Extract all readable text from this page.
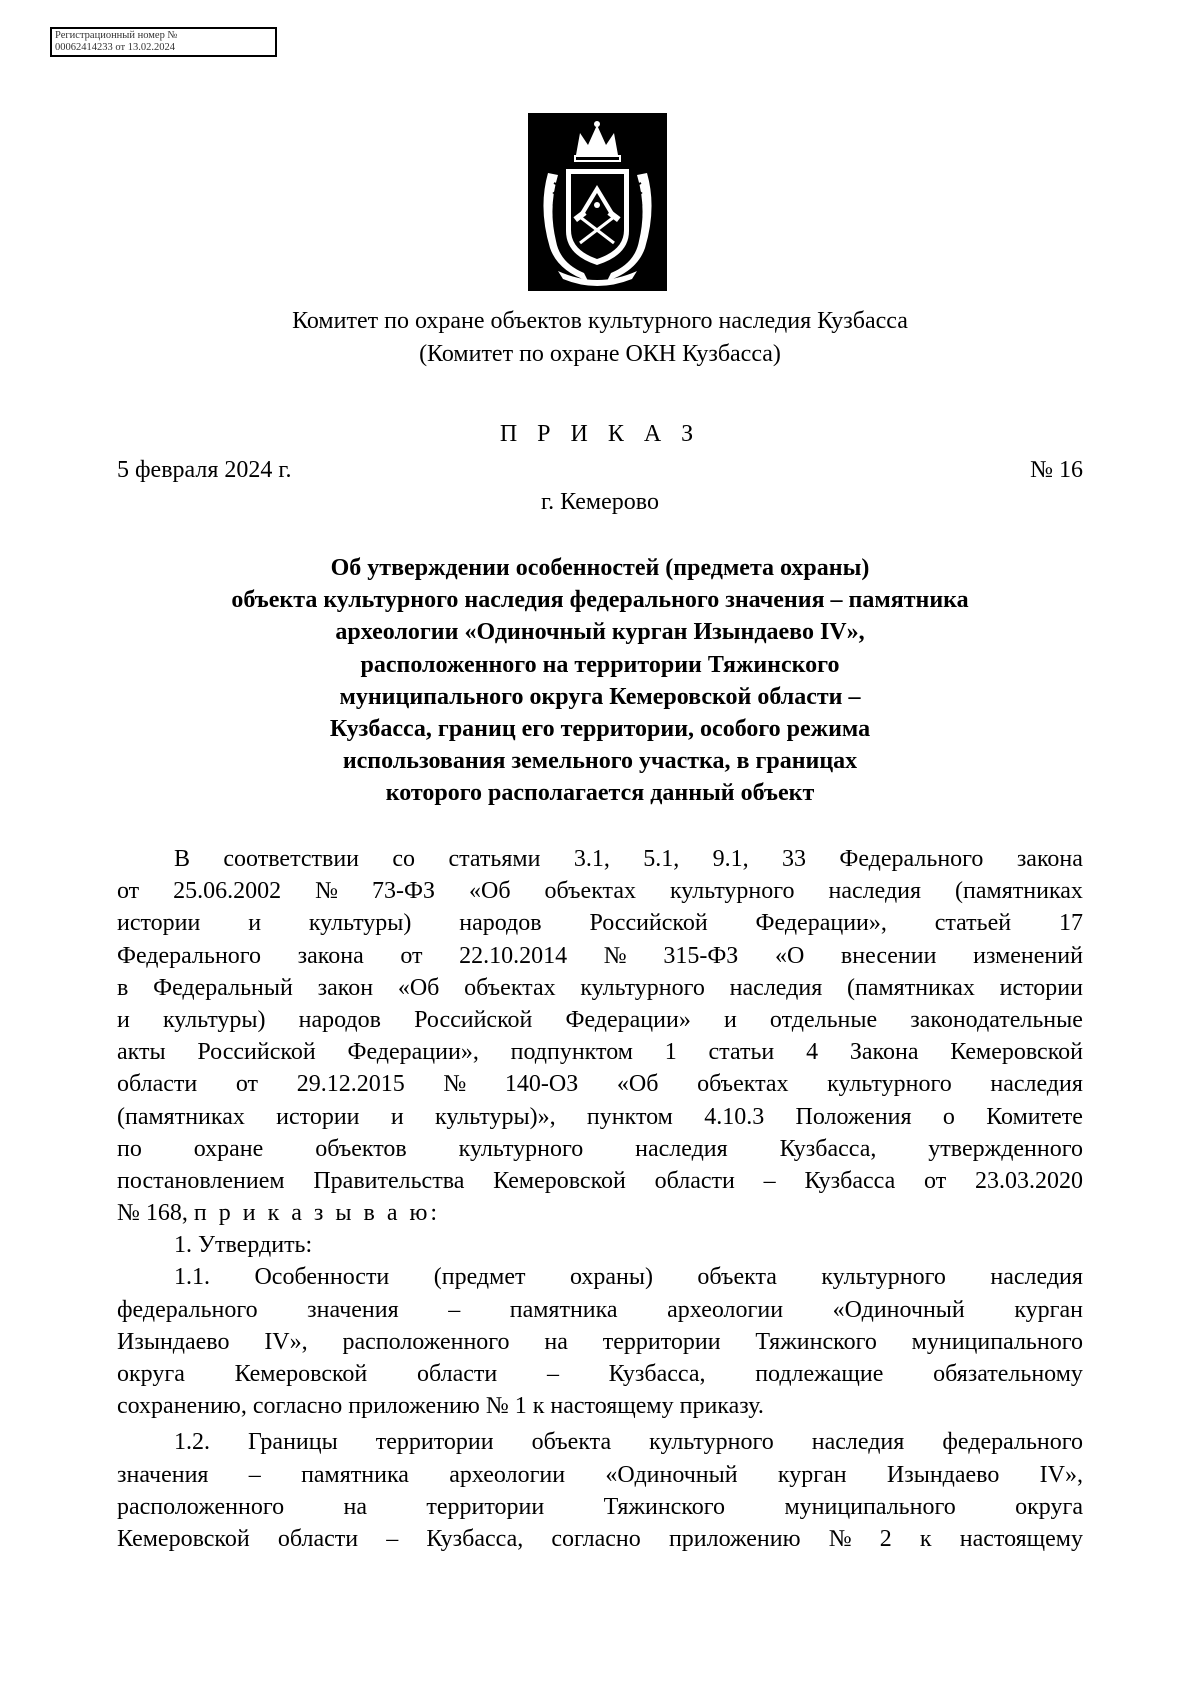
Регистрационный номер №
00062414233 от 13.02.2024
Комитет по охране объектов культурного наследия Кузбасса
(Комитет по охране ОКН Кузбасса)
П Р И К А З
5 февраля 2024 г.	№ 16
г. Кемерово
Об утверждении особенностей (предмета охраны)
объекта культурного наследия федерального значения – памятника
археологии «Одиночный курган Изындаево IV»,
расположенного на территории Тяжинского
муниципального округа Кемеровской области –
Кузбасса, границ его территории, особого режима
использования земельного участка, в границах
которого располагается данный объект
В соответствии со статьями 3.1, 5.1, 9.1, 33 Федерального закона
от 25.06.2002 № 73-ФЗ «Об объектах культурного наследия (памятниках
истории и культуры) народов Российской Федерации», статьей 17
Федерального закона от 22.10.2014 № 315-ФЗ «О внесении изменений
в Федеральный закон «Об объектах культурного наследия (памятниках истории
и культуры) народов Российской Федерации» и отдельные законодательные
акты Российской Федерации», подпунктом 1 статьи 4 Закона Кемеровской
области от 29.12.2015 № 140-ОЗ «Об объектах культурного наследия
(памятниках истории и культуры)», пунктом 4.10.3 Положения о Комитете
по охране объектов культурного наследия Кузбасса, утвержденного
постановлением Правительства Кемеровской области – Кузбасса от 23.03.2020
№ 168, п р и к а з ы в а ю:
1. Утвердить:
1.1. Особенности (предмет охраны) объекта культурного наследия
федерального значения – памятника археологии «Одиночный курган
Изындаево IV», расположенного на территории Тяжинского муниципального
округа Кемеровской области – Кузбасса, подлежащие обязательному
сохранению, согласно приложению № 1 к настоящему приказу.
1.2. Границы территории объекта культурного наследия федерального
значения – памятника археологии «Одиночный курган Изындаево IV»,
расположенного на территории Тяжинского муниципального округа
Кемеровской области – Кузбасса, согласно приложению № 2 к настоящему
